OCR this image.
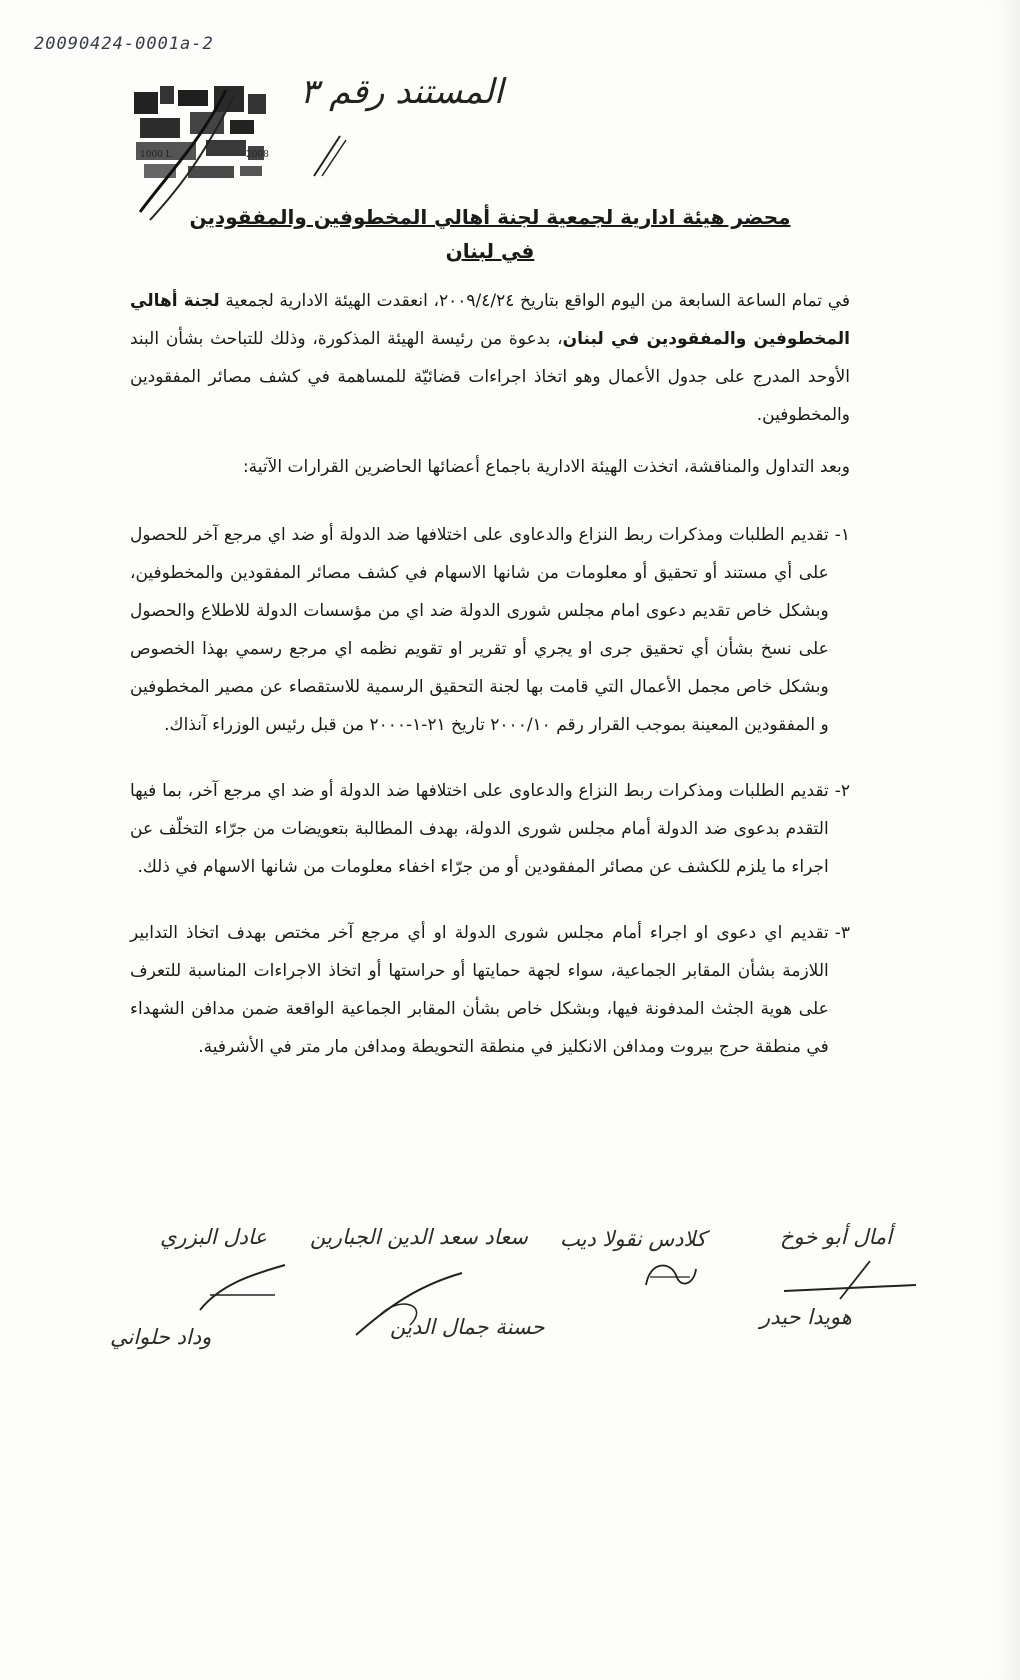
20090424-0001a-2
المستند رقم ٣
1000 L	2008
محضر هيئة ادارية لجمعية لجنة أهالي المخطوفين والمفقودين في لبنان

في تمام الساعة السابعة من اليوم الواقع بتاريخ ٢٠٠٩/٤/٢٤، انعقدت الهيئة الادارية لجمعية لجنة أهالي المخطوفين والمفقودين في لبنان، بدعوة من رئيسة الهيئة المذكورة، وذلك للتباحث بشأن البند الأوحد المدرج على جدول الأعمال وهو اتخاذ اجراءات قضائيّة للمساهمة في كشف مصائر المفقودين والمخطوفين.

وبعد التداول والمناقشة، اتخذت الهيئة الادارية باجماع أعضائها الحاضرين القرارات الآتية:

١-
تقديم الطلبات ومذكرات ربط النزاع والدعاوى على اختلافها ضد الدولة أو ضد اي مرجع آخر للحصول على أي مستند أو تحقيق أو معلومات من شانها الاسهام في كشف مصائر المفقودين والمخطوفين، وبشكل خاص تقديم دعوى امام مجلس شورى الدولة ضد اي من مؤسسات الدولة للاطلاع والحصول على نسخ بشأن أي تحقيق جرى او يجري أو تقرير او تقويم نظمه اي مرجع رسمي بهذا الخصوص وبشكل خاص مجمل الأعمال التي قامت بها لجنة التحقيق الرسمية للاستقصاء عن مصير المخطوفين و المفقودين المعينة بموجب القرار رقم ٢٠٠٠/١٠ تاريخ ٢١-١-٢٠٠٠ من قبل رئيس الوزراء آنذاك.
٢-
تقديم الطلبات ومذكرات ربط النزاع والدعاوى على اختلافها ضد الدولة أو ضد اي مرجع آخر، بما فيها التقدم بدعوى ضد الدولة أمام مجلس شورى الدولة، بهدف المطالبة بتعويضات من جرّاء التخلّف عن اجراء ما يلزم للكشف عن مصائر المفقودين أو من جرّاء اخفاء معلومات من شانها الاسهام في ذلك.
٣-
تقديم اي دعوى او اجراء أمام مجلس شورى الدولة او أي مرجع آخر مختص بهدف اتخاذ التدابير اللازمة بشأن المقابر الجماعية، سواء لجهة حمايتها أو حراستها أو اتخاذ الاجراءات المناسبة للتعرف على هوية الجثث المدفونة فيها، وبشكل خاص بشأن المقابر الجماعية الواقعة ضمن مدافن الشهداء في منطقة حرج بيروت ومدافن الانكليز في منطقة التحويطة ومدافن مار متر في الأشرفية.
عادل البزري سعاد سعد الدين الجبارين كلادس نقولا ديب	أمال أبو خوخ
وداد حلواني	حسنة جمال الدين	هويدا حيدر
